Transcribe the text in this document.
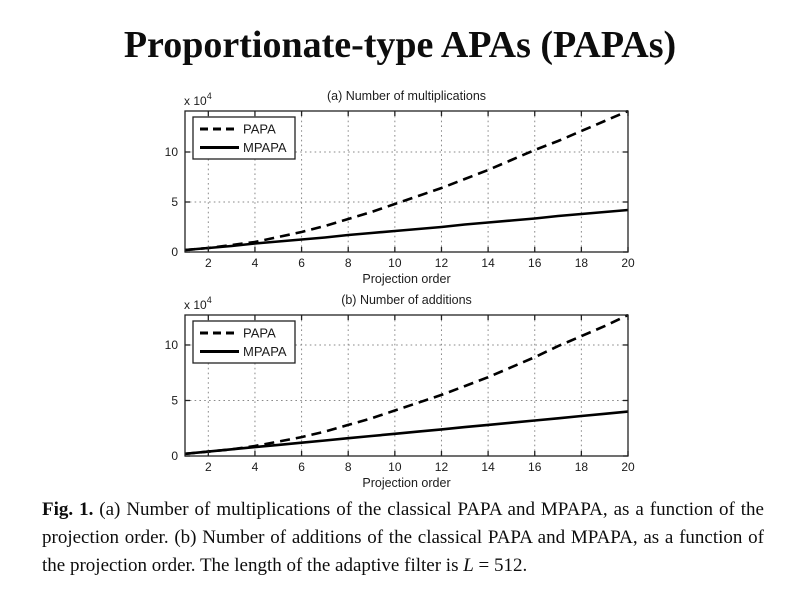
Proportionate-type APAs (PAPAs)
2	4	6	8	10	12	14	16	18	20
0
5
10
(a) Number of multiplications
Projection order
x $10^4$
PAPA
MPAPA
2	4	6	8	10	12	14	16	18	20
0
5
10
(b) Number of additions
Projection order
x $10^4$
PAPA
MPAPA

Fig. 1. (a) Number of multiplications of the classical PAPA and MPAPA, as a function of the projection order. (b) Number of additions of the classical PAPA and MPAPA, as a function of the projection order. The length of the adaptive filter is L = 512.
